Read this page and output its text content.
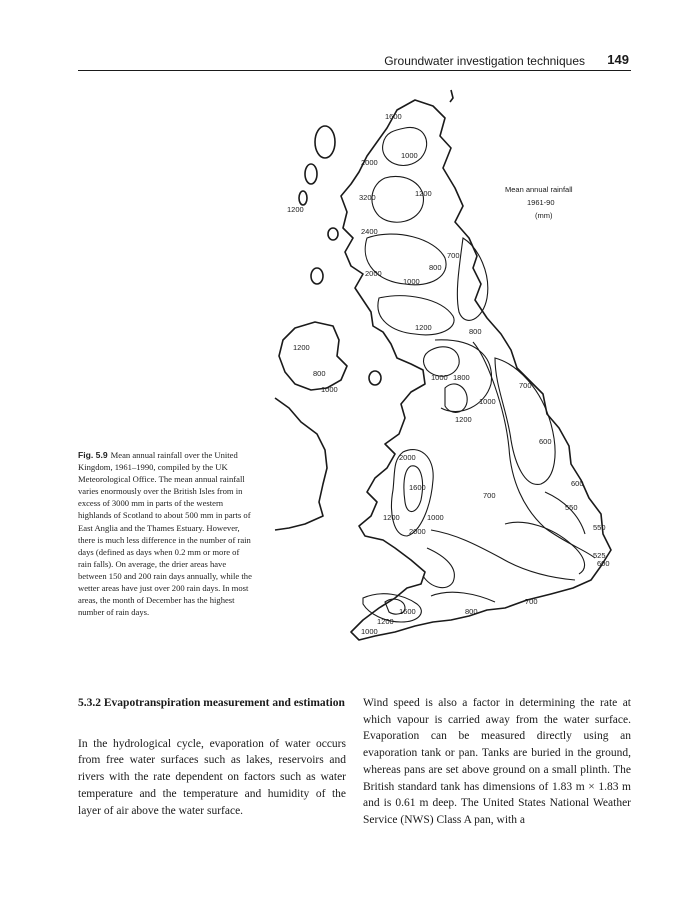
Groundwater investigation techniques 149
1600
1000
2000
1200
1200
3200
2400
700
2000
800
1000
1200	800
1200
800
1000
1000 1800
700
1000
1200
600
2000
1600
700
600
550
1200	1000
2000	550
525
600
700
800
1600
1200
1000
Mean annual rainfall
1961-90
(mm)
Fig. 5.9 Mean annual rainfall over the United Kingdom, 1961–1990, compiled by the UK Meteorological Office. The mean annual rainfall varies enormously over the British Isles from in excess of 3000 mm in parts of the western highlands of Scotland to about 500 mm in parts of East Anglia and the Thames Estuary. However, there is much less difference in the number of rain days (defined as days when 0.2 mm or more of rain falls). On average, the drier areas have between 150 and 200 rain days annually, while the wetter areas have just over 200 rain days. In most areas, the month of December has the highest number of rain days.
5.3.2 Evapotranspiration measurement and estimation

In the hydrological cycle, evaporation of water occurs from free water surfaces such as lakes, reservoirs and rivers with the rate dependent on factors such as water temperature and the temperature and humidity of the layer of air above the water surface.

Wind speed is also a factor in determining the rate at which vapour is carried away from the water surface. Evaporation can be measured directly using an evaporation tank or pan. Tanks are buried in the ground, whereas pans are set above ground on a small plinth. The British standard tank has dimensions of 1.83 m × 1.83 m and is 0.61 m deep. The United States National Weather Service (NWS) Class A pan, with a
